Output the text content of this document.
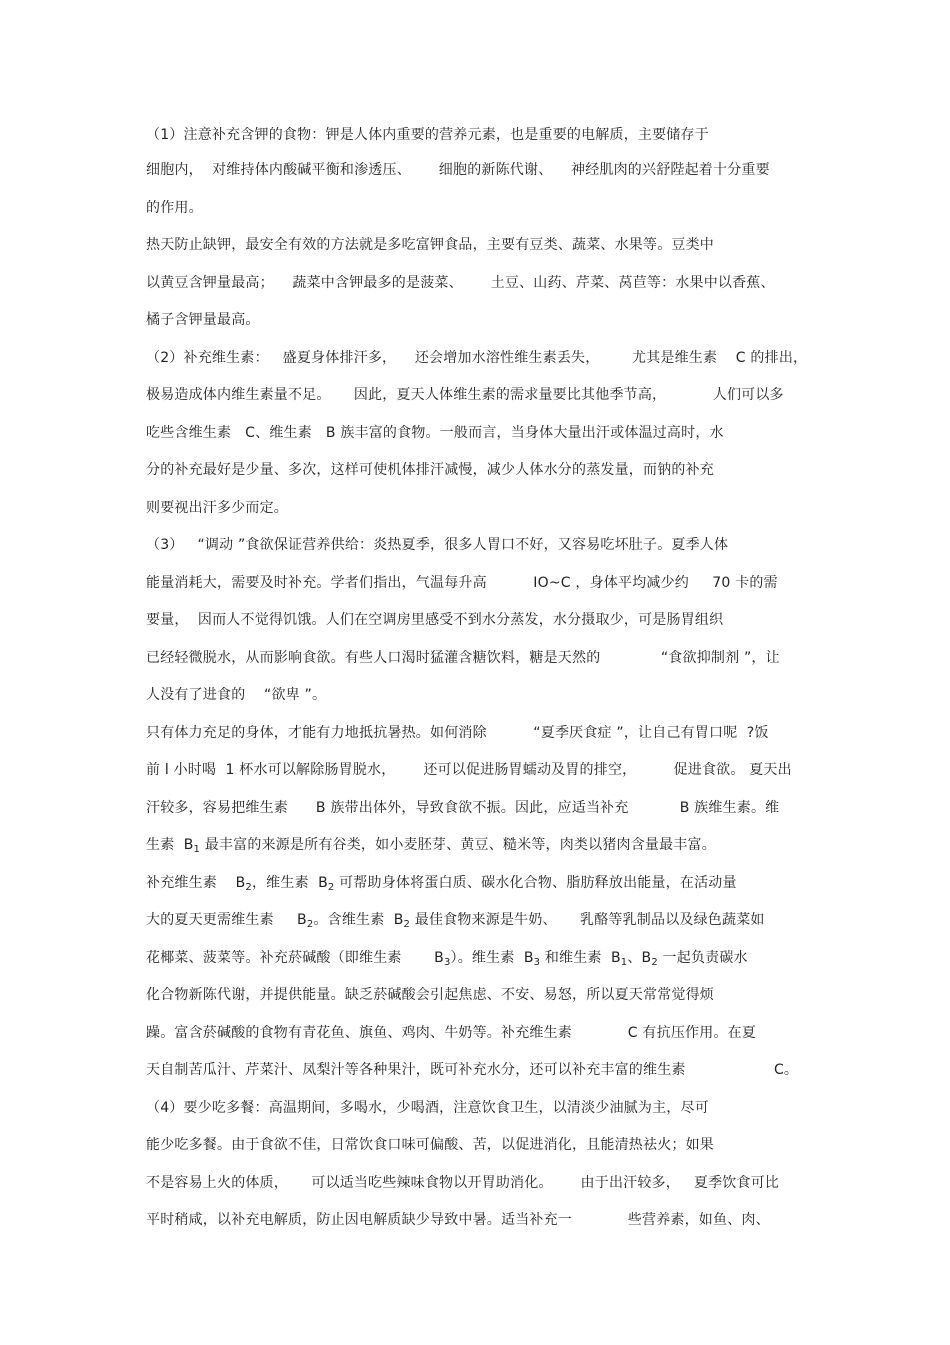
（1）注意补充含钾的食物：钾是人体内重要的营养元素，也是重要的电解质，主要储存于
细胞内，  对维持体内酸碱平衡和渗透压、      细胞的新陈代谢、    神经肌肉的兴舒陛起着十分重要
的作用。
热天防止缺钾，最安全有效的方法就是多吃富钾食品，主要有豆类、蔬菜、水果等。豆类中
以黄豆含钾量最高；    蔬菜中含钾最多的是菠菜、      土豆、山药、芹菜、莴苣等：水果中以香蕉、
橘子含钾量最高。
（2）补充维生素：   盛夏身体排汗多，    还会增加水溶性维生素丢失，       尤其是维生素    C 的排出，
极易造成体内维生素量不足。     因此，夏天人体维生素的需求量要比其他季节高，          人们可以多
吃些含维生素   C、维生素   B 族丰富的食物。一般而言，当身体大量出汗或体温过高时，水
分的补充最好是少量、多次，这样可使机体排汗减慢，减少人体水分的蒸发量，而钠的补充
则要视出汗多少而定。
（3）   “调动 ”食欲保证营养供给：炎热夏季，很多人胃口不好，又容易吃坏肚子。夏季人体
能量消耗大，需要及时补充。学者们指出，气温每升高          IO~C ，身体平均减少约     70 卡的需
要量，  因而人不觉得饥饿。人们在空调房里感受不到水分蒸发，水分摄取少，可是肠胃组织
已经轻微脱水，从而影响食欲。有些人口渴时猛灌含糖饮料，糖是天然的             “食欲抑制剂 ”，让
人没有了进食的    “欲卑 ”。
只有体力充足的身体，才能有力地抵抗暑热。如何消除          “夏季厌食症 ”，让自己有胃口呢  ?饭
前 l 小时喝  1 杯水可以解除肠胃脱水，      还可以促进肠胃蠕动及胃的排空，        促进食欲。 夏天出
汗较多，容易把维生素      B 族带出体外，导致食欲不振。因此，应适当补充           B 族维生素。维
生素  $B_1$ 最丰富的来源是所有谷类，如小麦胚芽、黄豆、糙米等，肉类以猪肉含量最丰富。
补充维生素    $B_2$，维生素  $B_2$ 可帮助身体将蛋白质、碳水化合物、脂肪释放出能量，在活动量
大的夏天更需维生素     $B_2$。含维生素  $B_2$ 最佳食物来源是牛奶、     乳酪等乳制品以及绿色蔬菜如
花椰菜、菠菜等。补充菸碱酸（即维生素       $B_3$）。维生素  $B_3$ 和维生素  $B_1$、$B_2$ 一起负责碳水
化合物新陈代谢，并提供能量。缺乏菸碱酸会引起焦虑、不安、易怒，所以夏天常常觉得烦
躁。富含菸碱酸的食物有青花鱼、旗鱼、鸡肉、牛奶等。补充维生素            C 有抗压作用。在夏
天自制苦瓜汁、芹菜汁、凤梨汁等各种果汁，既可补充水分，还可以补充丰富的维生素                   C。
（4）要少吃多餐：高温期间，多喝水，少喝酒，注意饮食卫生，以清淡少油腻为主，尽可
能少吃多餐。由于食欲不佳，日常饮食口味可偏酸、苦，以促进消化，且能清热祛火；如果
不是容易上火的体质，     可以适当吃些辣味食物以开胃助消化。      由于出汗较多，   夏季饮食可比
平时稍咸，以补充电解质，防止因电解质缺少导致中暑。适当补充一            些营养素，如鱼、肉、
